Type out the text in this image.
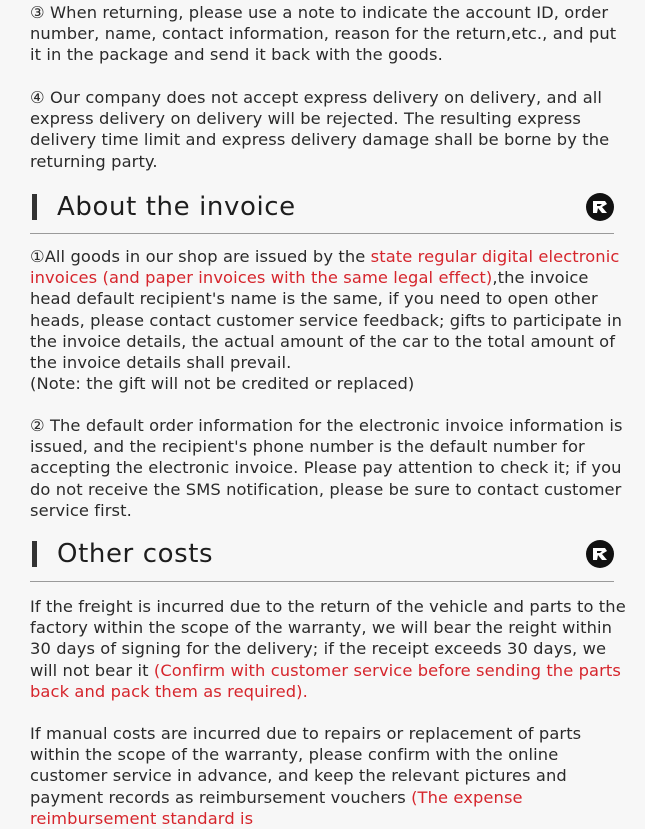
③ When returning, please use a note to indicate the account ID, order number, name, contact information, reason for the return,etc., and put it in the package and send it back with the goods.

④ Our company does not accept express delivery on delivery, and all express delivery on delivery will be rejected. The resulting express delivery time limit and express delivery damage shall be borne by the returning party.

About the invoice

①All goods in our shop are issued by the state regular digital electronic invoices (and paper invoices with the same legal effect),the invoice head default recipient's name is the same, if you need to open other heads, please contact customer service feedback; gifts to participate in the invoice details, the actual amount of the car to the total amount of the invoice details shall prevail.
(Note: the gift will not be credited or replaced)

② The default order information for the electronic invoice information is issued, and the recipient's phone number is the default number for accepting the electronic invoice. Please pay attention to check it; if you do not receive the SMS notification, please be sure to contact customer service first.

Other costs

If the freight is incurred due to the return of the vehicle and parts to the factory within the scope of the warranty, we will bear the reight within 30 days of signing for the delivery; if the receipt exceeds 30 days, we will not bear it (Confirm with customer service before sending the parts back and pack them as required).

If manual costs are incurred due to repairs or replacement of parts within the scope of the warranty, please confirm with the online customer service in advance, and keep the relevant pictures and payment records as reimbursement vouchers (The expense reimbursement standard is
